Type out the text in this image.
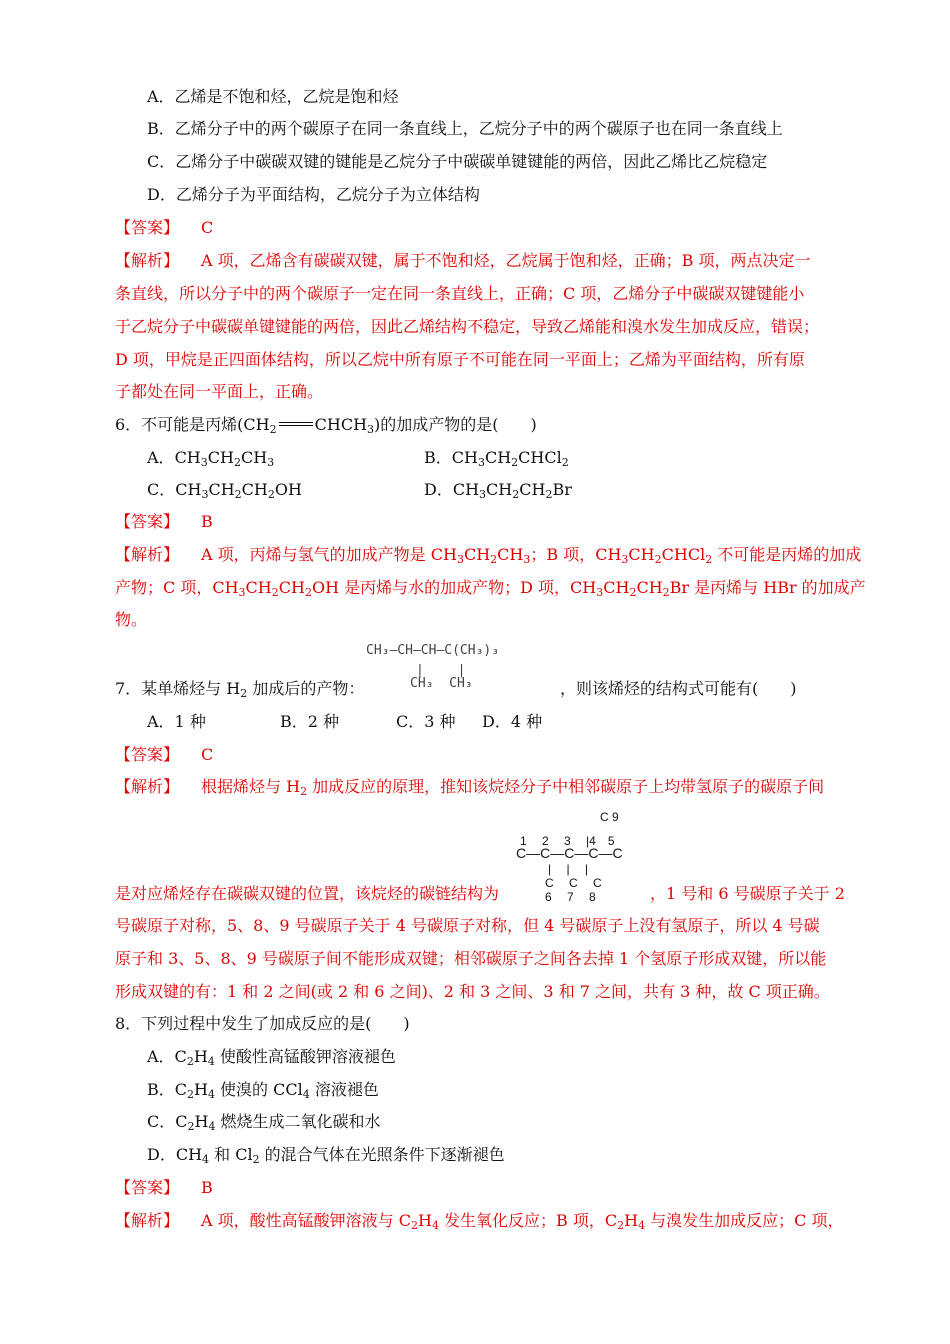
A．乙烯是不饱和烃，乙烷是饱和烃
B．乙烯分子中的两个碳原子在同一条直线上，乙烷分子中的两个碳原子也在同一条直线上
C．乙烯分子中碳碳双键的键能是乙烷分子中碳碳单键键能的两倍，因此乙烯比乙烷稳定
D．乙烯分子为平面结构，乙烷分子为立体结构
【答案】 C
【解析】 A 项，乙烯含有碳碳双键，属于不饱和烃，乙烷属于饱和烃，正确；B 项，两点决定一
条直线，所以分子中的两个碳原子一定在同一条直线上，正确；C 项，乙烯分子中碳碳双键键能小
于乙烷分子中碳碳单键键能的两倍，因此乙烯结构不稳定，导致乙烯能和溴水发生加成反应，错误；
D 项，甲烷是正四面体结构，所以乙烷中所有原子不可能在同一平面上；乙烯为平面结构，所有原
子都处在同一平面上，正确。
6．不可能是丙烯($CH_2$ $CHCH_3$)的加成产物的是(　　)
A．$CH_3CH_2CH_3$	B．$CH_3CH_2CHCl_2$
C．$CH_3CH_2CH_2OH$	D．$CH_3CH_2CH_2Br$
【答案】 B
【解析】 A 项，丙烯与氢气的加成产物是 $CH_3CH_2CH_3$；B 项，$CH_3CH_2CHCl_2$ 不可能是丙烯的加成
产物；C 项，$CH_3CH_2CH_2OH$ 是丙烯与水的加成产物；D 项，$CH_3CH_2CH_2Br$ 是丙烯与 HBr 的加成产
物。
CH₃—CH—CH—C(CH₃)₃
|　　 |
CH₃  CH₃
7．某单烯烃与 $H_2$ 加成后的产物：	，则该烯烃的结构式可能有(　　)
A．1 种	B．2 种	C．3 种 D．4 种
【答案】 C
【解析】 根据烯烃与 $H_2$ 加成反应的原理，推知该烷烃分子中相邻碳原子上均带氢原子的碳原子间
C 9
1　 2　 3　 |4　5
C—C—C—C—C
|　 |　 |
C　 C　 C
6　 7　 8
是对应烯烃存在碳碳双键的位置，该烷烃的碳链结构为	，1 号和 6 号碳原子关于 2
号碳原子对称，5、8、9 号碳原子关于 4 号碳原子对称，但 4 号碳原子上没有氢原子，所以 4 号碳
原子和 3、5、8、9 号碳原子间不能形成双键；相邻碳原子之间各去掉 1 个氢原子形成双键，所以能
形成双键的有：1 和 2 之间(或 2 和 6 之间)、2 和 3 之间、3 和 7 之间，共有 3 种，故 C 项正确。
8．下列过程中发生了加成反应的是(　　)
A．$C_2H_4$ 使酸性高锰酸钾溶液褪色
B．$C_2H_4$ 使溴的 CCl$_4$ 溶液褪色
C．$C_2H_4$ 燃烧生成二氧化碳和水
D．$CH_4$ 和 $Cl_2$ 的混合气体在光照条件下逐渐褪色
【答案】 B
【解析】 A 项，酸性高锰酸钾溶液与 $C_2H_4$ 发生氧化反应；B 项，$C_2H_4$ 与溴发生加成反应；C 项，
